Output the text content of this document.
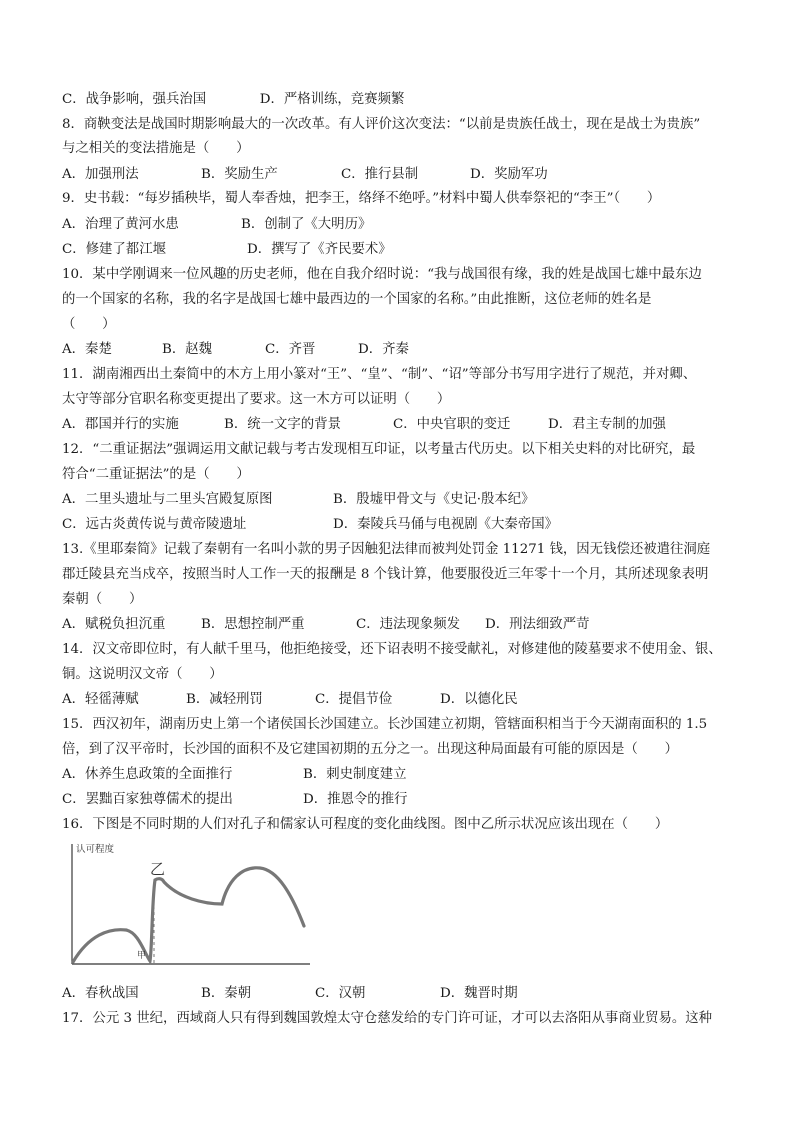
C．战争影响，强兵治国　　　　D．严格训练，竞赛频繁
8．商鞅变法是战国时期影响最大的一次改革。有人评价这次变法：“以前是贵族任战士，现在是战士为贵族”
与之相关的变法措施是（　　）
A．加强刑法	B．奖励生产	C．推行县制	D．奖励军功
9．史书载：“每岁插秧毕，蜀人奉香烛，把李王，络绎不绝呼。”材料中蜀人供奉祭祀的“李王”（　　）
A．治理了黄河水患	B．创制了《大明历》
C．修建了都江堰	D．撰写了《齐民要术》
10．某中学刚调来一位风趣的历史老师，他在自我介绍时说：“我与战国很有缘，我的姓是战国七雄中最东边
的一个国家的名称，我的名字是战国七雄中最西边的一个国家的名称。”由此推断，这位老师的姓名是
（　　）
A．秦楚	B．赵魏	C．齐晋	D．齐秦
11．湖南湘西出土秦简中的木方上用小篆对“王”、“皇”、“制”、“诏”等部分书写用字进行了规范，并对卿、
太守等部分官职名称变更提出了要求。这一木方可以证明（　　）
A．郡国并行的实施	B．统一文字的背景	C．中央官职的变迁	D．君主专制的加强
12．“二重证据法”强调运用文献记载与考古发现相互印证，以考量古代历史。以下相关史料的对比研究，最
符合“二重证据法”的是（　　）
A．二里头遗址与二里头宫殿复原图	B．殷墟甲骨文与《史记·殷本纪》
C．远古炎黄传说与黄帝陵遗址	D．秦陵兵马俑与电视剧《大秦帝国》
13.《里耶秦简》记载了秦朝有一名叫小款的男子因触犯法律而被判处罚金 11271 钱，因无钱偿还被遣往洞庭
郡迁陵县充当戍卒，按照当时人工作一天的报酬是 8 个钱计算，他要服役近三年零十一个月，其所述现象表明
秦朝（　　）
A．赋税负担沉重	B．思想控制严重	C．违法现象频发 D．刑法细致严苛
14．汉文帝即位时，有人献千里马，他拒绝接受，还下诏表明不接受献礼，对修建他的陵墓要求不使用金、银、
铜。这说明汉文帝（　　）
A．轻徭薄赋	B．减轻刑罚	C．提倡节俭	D．以德化民
15．西汉初年，湖南历史上第一个诸侯国长沙国建立。长沙国建立初期，管辖面积相当于今天湖南面积的 1.5
倍，到了汉平帝时，长沙国的面积不及它建国初期的五分之一。出现这种局面最有可能的原因是（　　）
A．休养生息政策的全面推行	B．刺史制度建立
C．罢黜百家独尊儒术的提出	D．推恩令的推行
16．下图是不同时期的人们对孔子和儒家认可程度的变化曲线图。图中乙所示状况应该出现在（　　）
认可程度
乙
甲
A．春秋战国	B．秦朝	C．汉朝	D．魏晋时期
17．公元 3 世纪，西域商人只有得到魏国敦煌太守仓慈发给的专门许可证，才可以去洛阳从事商业贸易。这种
